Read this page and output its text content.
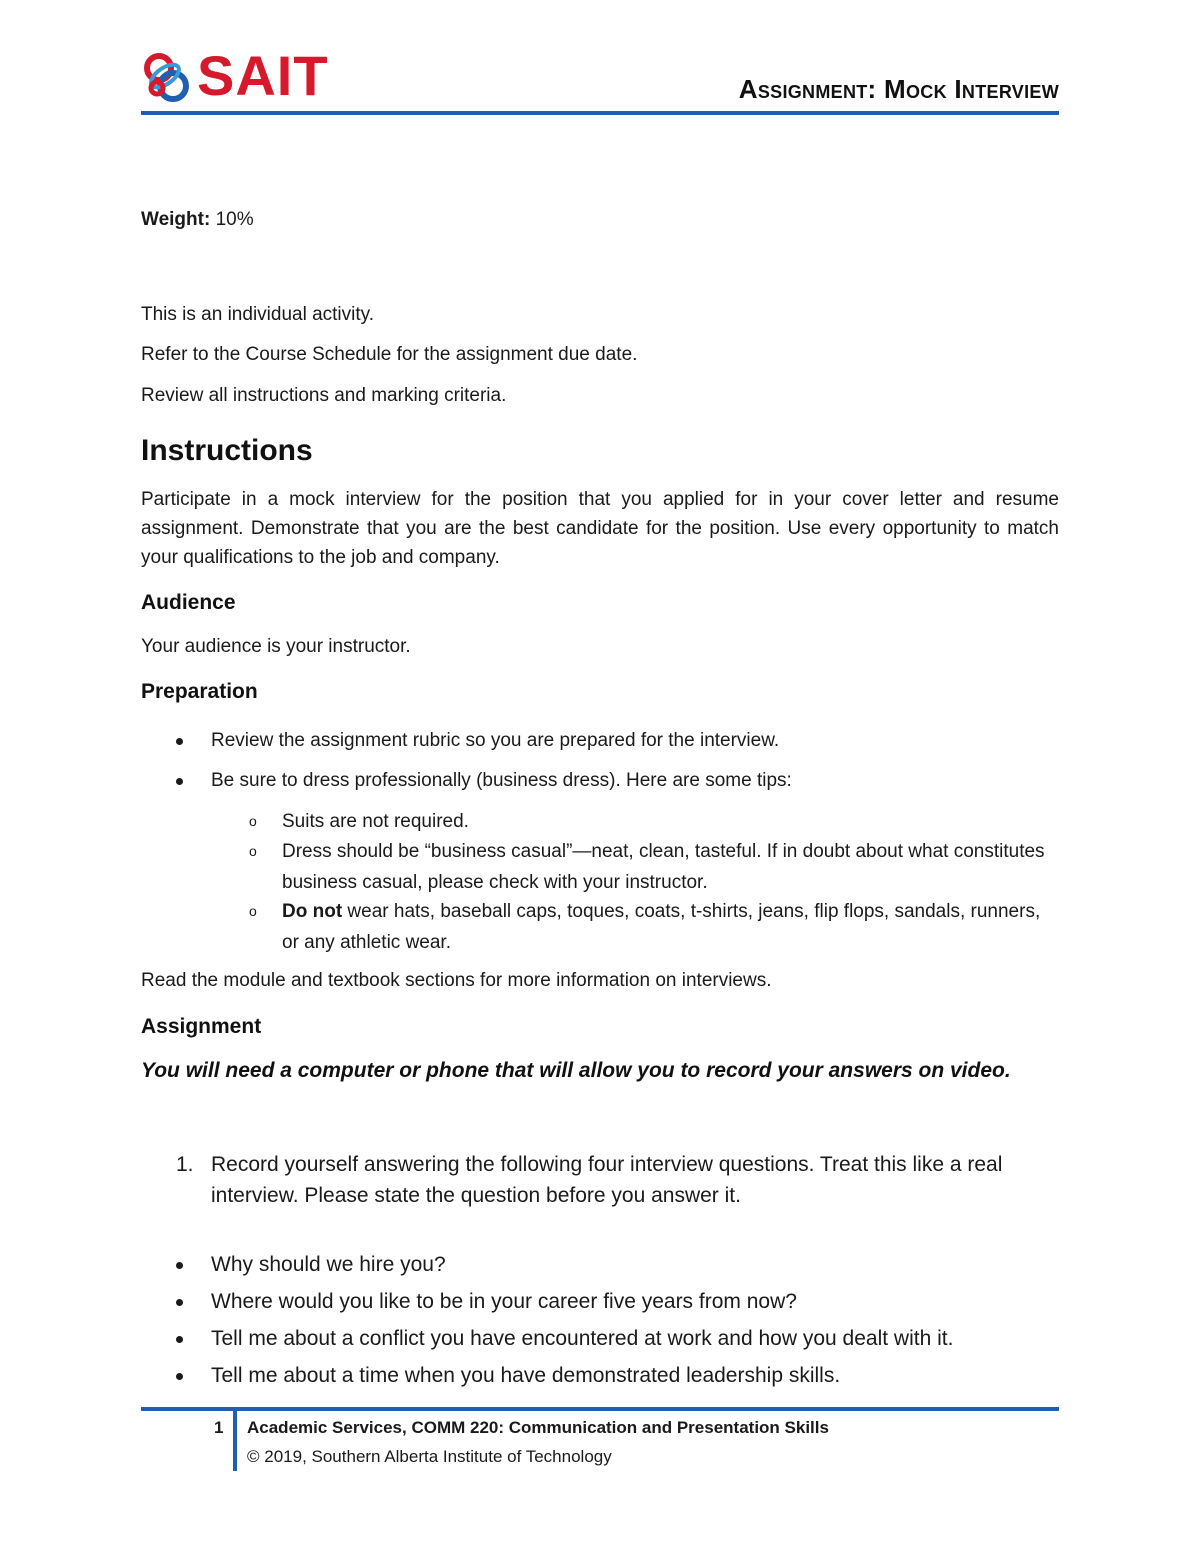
SAIT	Assignment: Mock Interview
Weight: 10%
This is an individual activity.
Refer to the Course Schedule for the assignment due date.
Review all instructions and marking criteria.
Instructions
Participate in a mock interview for the position that you applied for in your cover letter and resume assignment. Demonstrate that you are the best candidate for the position. Use every opportunity to match your qualifications to the job and company.
Audience
Your audience is your instructor.
Preparation
Review the assignment rubric so you are prepared for the interview.
Be sure to dress professionally (business dress). Here are some tips:
o Suits are not required.
o Dress should be “business casual”—neat, clean, tasteful. If in doubt about what constitutes business casual, please check with your instructor.
o Do not wear hats, baseball caps, toques, coats, t-shirts, jeans, flip flops, sandals, runners, or any athletic wear.
Read the module and textbook sections for more information on interviews.
Assignment
You will need a computer or phone that will allow you to record your answers on video.
1. Record yourself answering the following four interview questions. Treat this like a real interview. Please state the question before you answer it.
Why should we hire you?
Where would you like to be in your career five years from now?
Tell me about a conflict you have encountered at work and how you dealt with it.
Tell me about a time when you have demonstrated leadership skills.
1 Academic Services, COMM 220: Communication and Presentation Skills
© 2019, Southern Alberta Institute of Technology
